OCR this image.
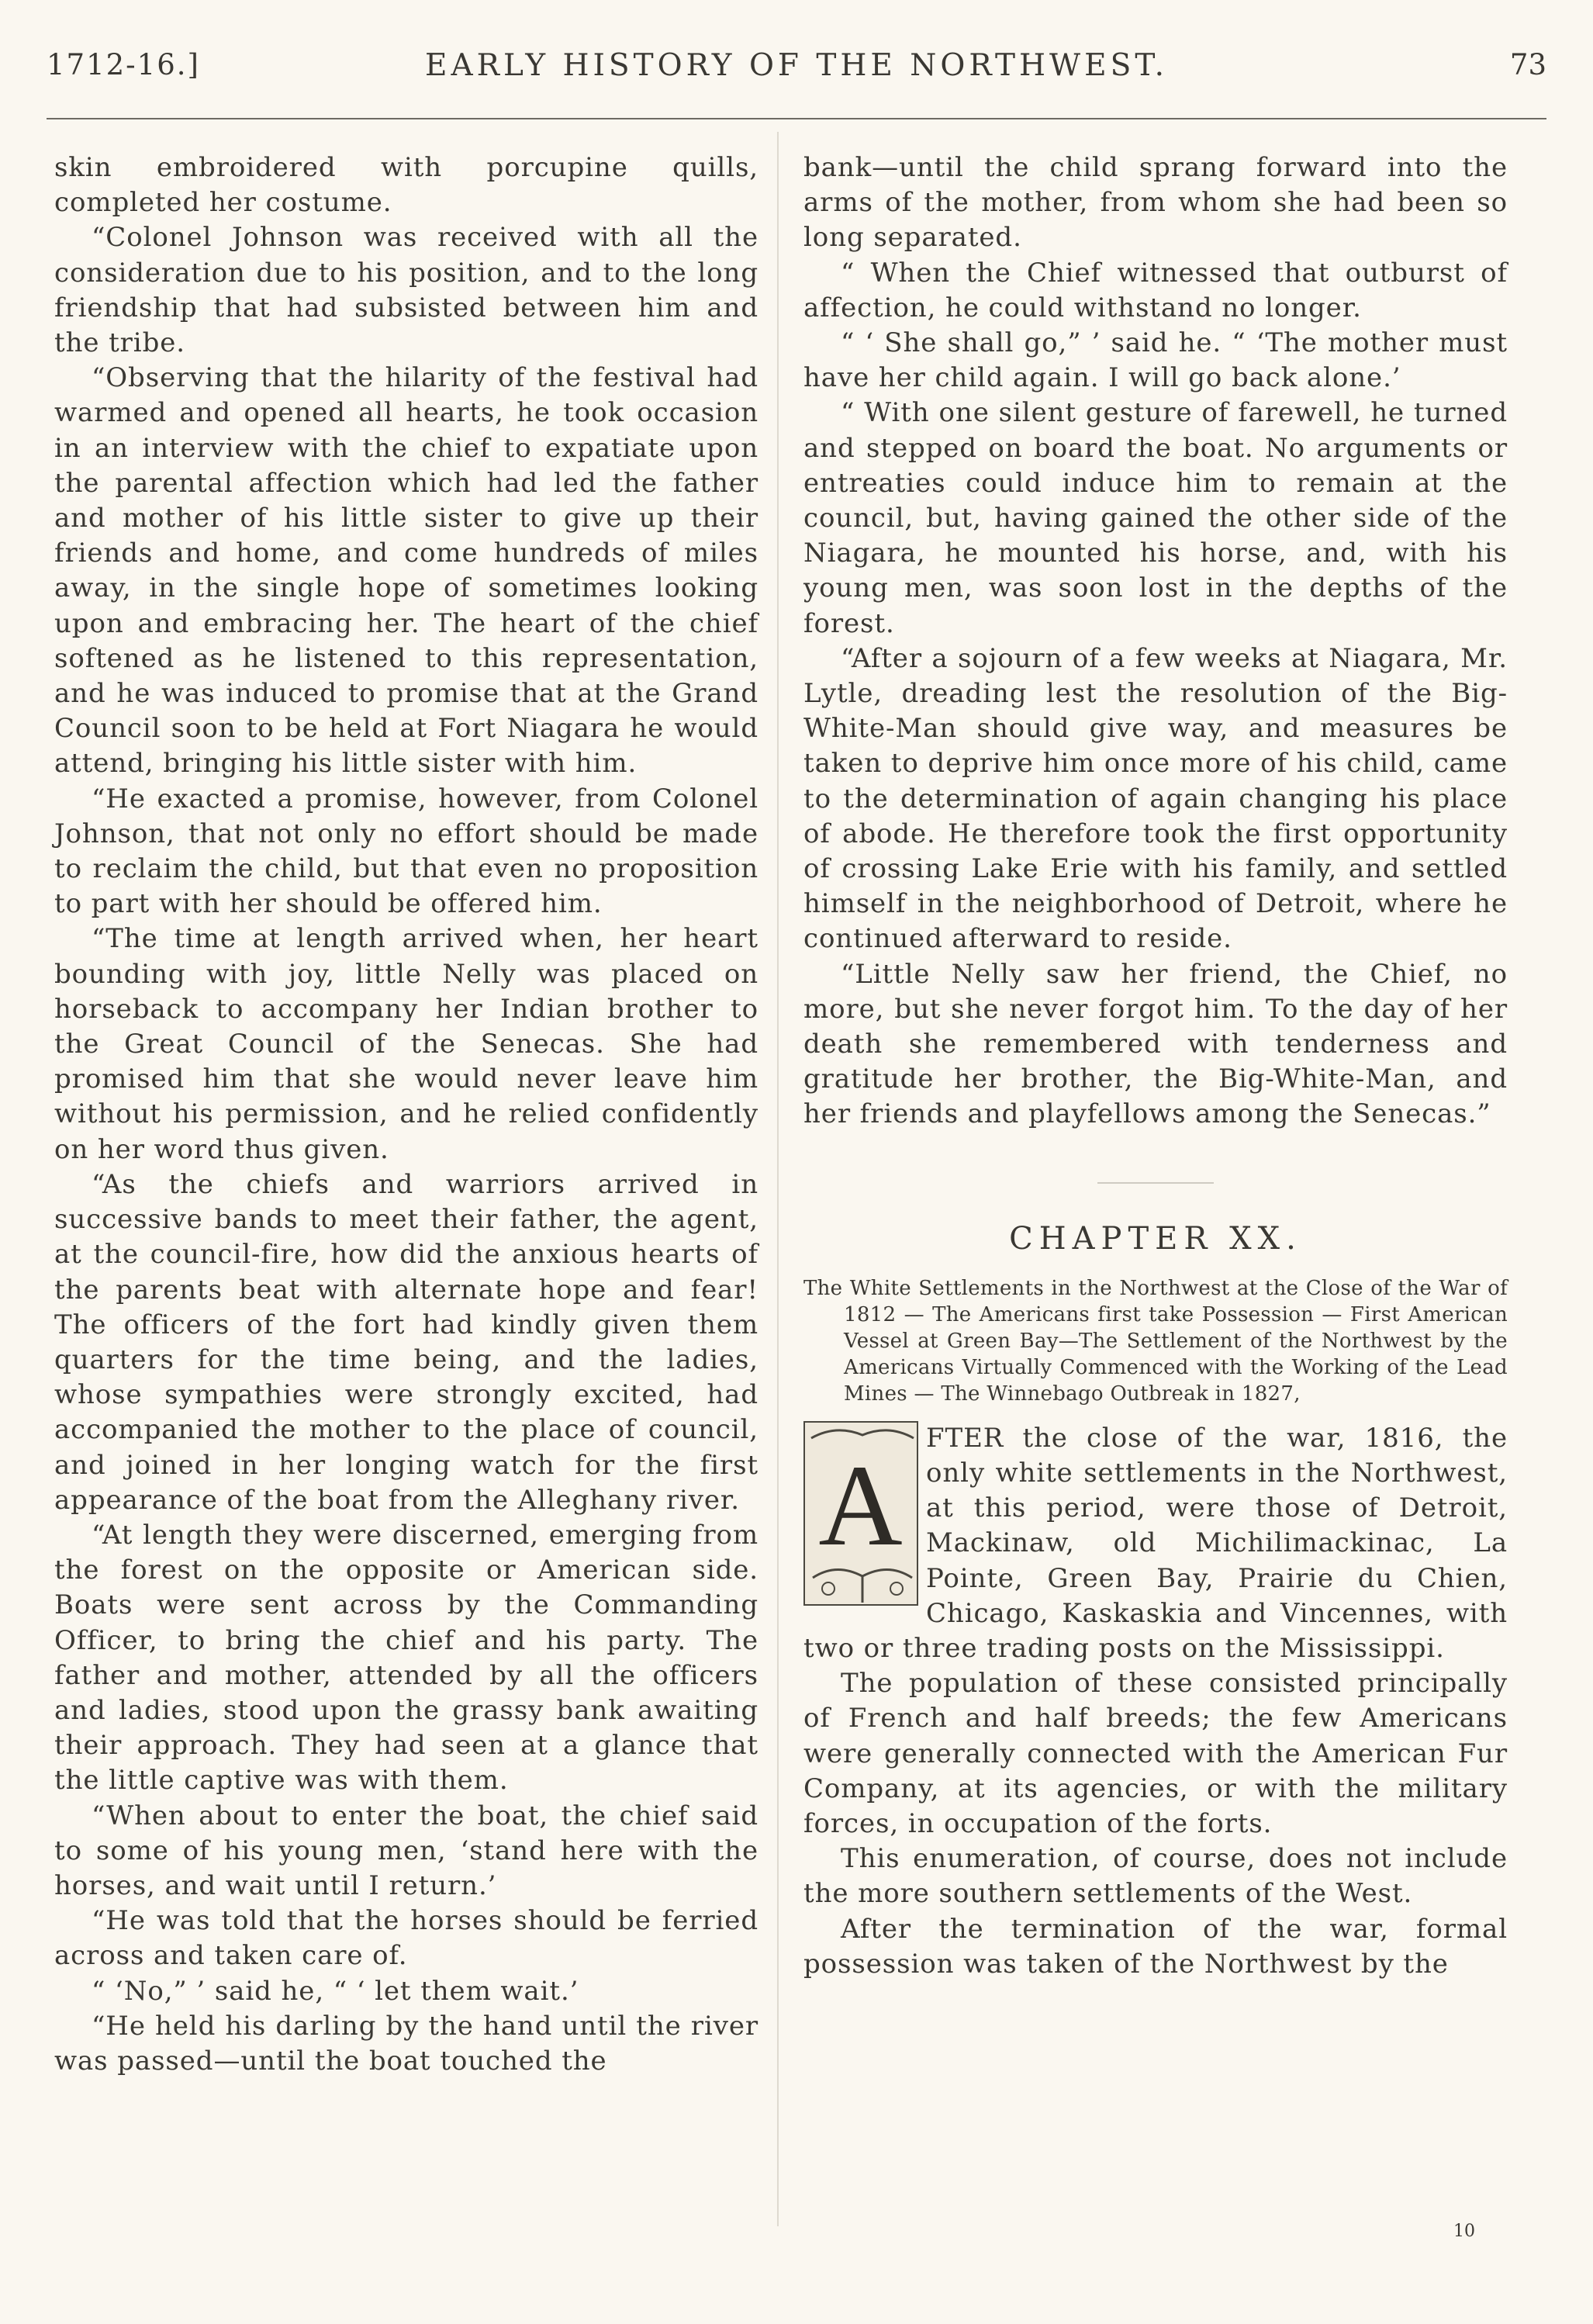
1712-16.]	EARLY HISTORY OF THE NORTHWEST.	73

skin embroidered with porcupine quills, completed her costume.

“Colonel Johnson was received with all the consideration due to his position, and to the long friendship that had subsisted between him and the tribe.

“Observing that the hilarity of the festival had warmed and opened all hearts, he took occasion in an interview with the chief to expatiate upon the parental affection which had led the father and mother of his little sister to give up their friends and home, and come hundreds of miles away, in the single hope of sometimes looking upon and embracing her. The heart of the chief softened as he listened to this representation, and he was induced to promise that at the Grand Council soon to be held at Fort Niagara he would attend, bringing his little sister with him.

“He exacted a promise, however, from Colonel Johnson, that not only no effort should be made to reclaim the child, but that even no proposition to part with her should be offered him.

“The time at length arrived when, her heart bounding with joy, little Nelly was placed on horseback to accompany her Indian brother to the Great Council of the Senecas. She had promised him that she would never leave him without his permission, and he relied confidently on her word thus given.

“As the chiefs and warriors arrived in successive bands to meet their father, the agent, at the council-fire, how did the anxious hearts of the parents beat with alternate hope and fear! The officers of the fort had kindly given them quarters for the time being, and the ladies, whose sympathies were strongly excited, had accompanied the mother to the place of council, and joined in her longing watch for the first appearance of the boat from the Alleghany river.

“At length they were discerned, emerging from the forest on the opposite or American side. Boats were sent across by the Commanding Officer, to bring the chief and his party. The father and mother, attended by all the officers and ladies, stood upon the grassy bank awaiting their approach. They had seen at a glance that the little captive was with them.

“When about to enter the boat, the chief said to some of his young men, ‘stand here with the horses, and wait until I return.’

“He was told that the horses should be ferried across and taken care of.

“ ‘No,” ’ said he, “ ‘ let them wait.’

“He held his darling by the hand until the river was passed—until the boat touched the

bank—until the child sprang forward into the arms of the mother, from whom she had been so long separated.

“ When the Chief witnessed that outburst of affection, he could withstand no longer.

“ ‘ She shall go,” ’ said he. “ ‘The mother must have her child again. I will go back alone.’

“ With one silent gesture of farewell, he turned and stepped on board the boat. No arguments or entreaties could induce him to remain at the council, but, having gained the other side of the Niagara, he mounted his horse, and, with his young men, was soon lost in the depths of the forest.

“After a sojourn of a few weeks at Niagara, Mr. Lytle, dreading lest the resolution of the Big-White-Man should give way, and measures be taken to deprive him once more of his child, came to the determination of again changing his place of abode. He therefore took the first opportunity of crossing Lake Erie with his family, and settled himself in the neighborhood of Detroit, where he continued afterward to reside.

“Little Nelly saw her friend, the Chief, no more, but she never forgot him. To the day of her death she remembered with tenderness and gratitude her brother, the Big-White-Man, and her friends and playfellows among the Senecas.”

CHAPTER XX.
The White Settlements in the Northwest at the Close of the War of 1812 — The Americans first take Possession — First American Vessel at Green Bay—The Settlement of the Northwest by the Americans Virtually Commenced with the Working of the Lead Mines — The Winnebago Outbreak in 1827,

A
FTER the close of the war, 1816, the only white settlements in the Northwest, at this period, were those of Detroit, Mackinaw, old Michilimackinac, La Pointe, Green Bay, Prairie du Chien, Chicago, Kaskaskia and Vincennes, with two or three trading posts on the Mississippi.

The population of these consisted principally of French and half breeds; the few Americans were generally connected with the American Fur Company, at its agencies, or with the military forces, in occupation of the forts.

This enumeration, of course, does not include the more southern settlements of the West.

After the termination of the war, formal possession was taken of the Northwest by the

10
